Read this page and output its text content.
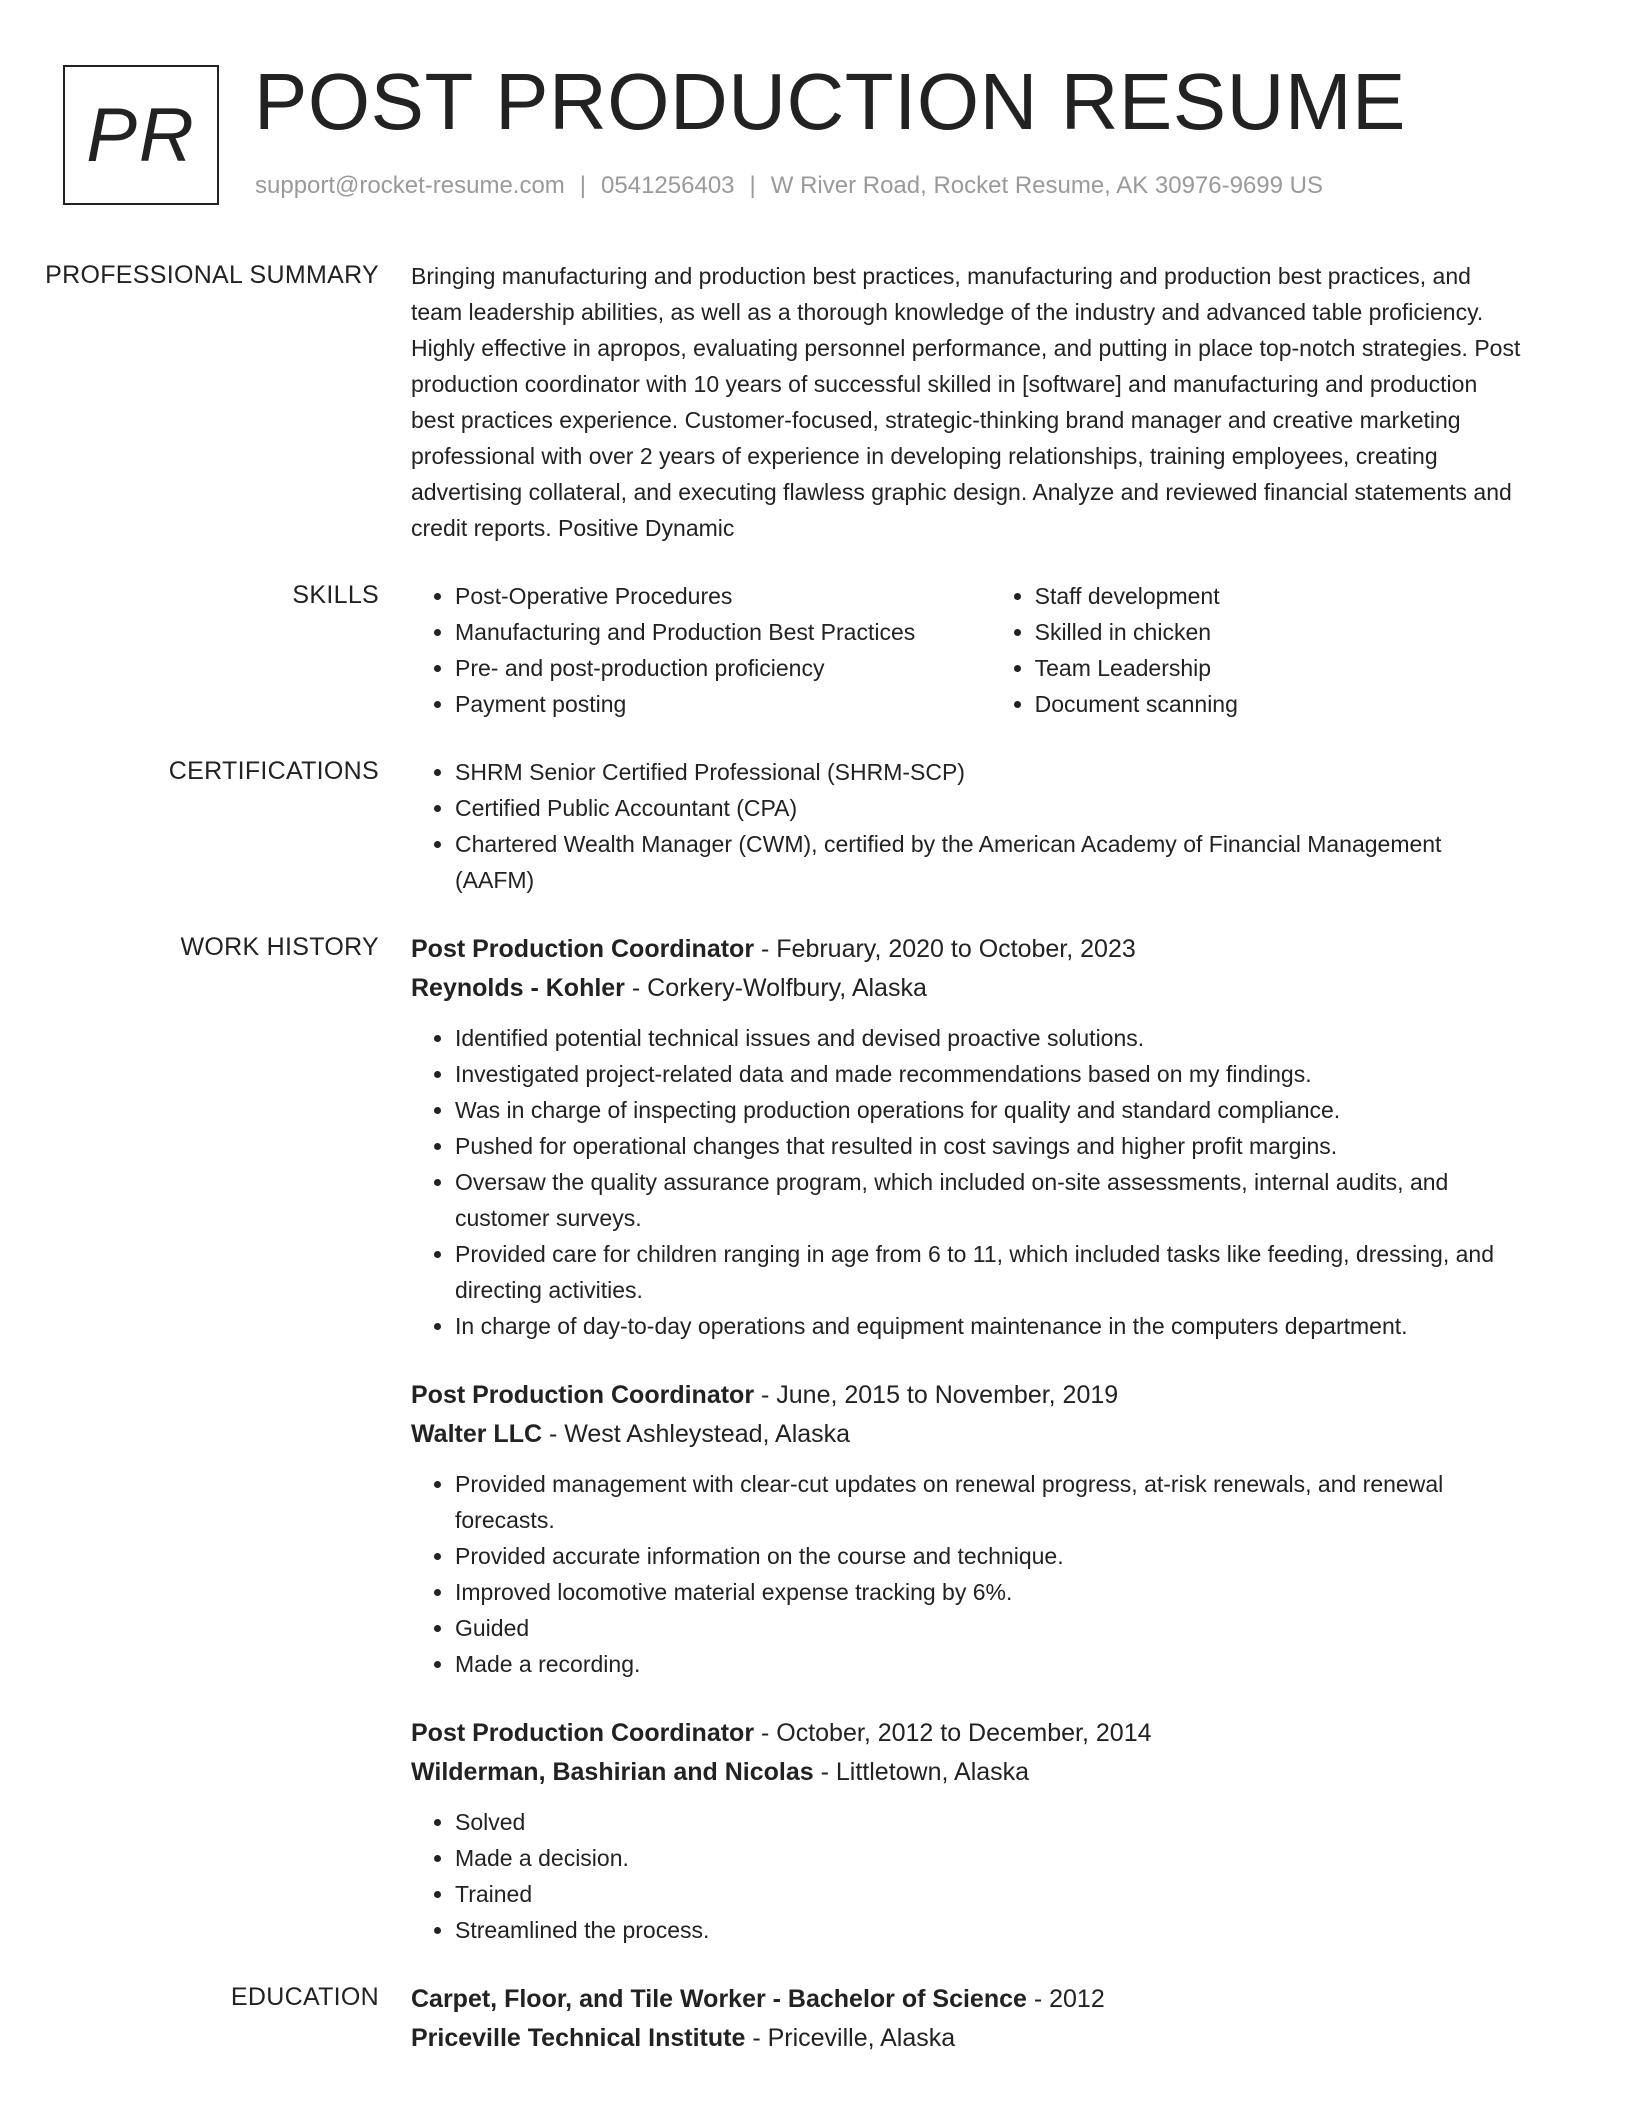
PR POST PRODUCTION RESUME
support@rocket-resume.com | 0541256403 | W River Road, Rocket Resume, AK 30976-9699 US
PROFESSIONAL SUMMARY	Bringing manufacturing and production best practices, manufacturing and production best practices, and team leadership abilities, as well as a thorough knowledge of the industry and advanced table proficiency. Highly effective in apropos, evaluating personnel performance, and putting in place top-notch strategies. Post production coordinator with 10 years of successful skilled in [software] and manufacturing and production best practices experience. Customer-focused, strategic-thinking brand manager and creative marketing professional with over 2 years of experience in developing relationships, training employees, creating advertising collateral, and executing flawless graphic design. Analyze and reviewed financial statements and credit reports. Positive Dynamic

SKILLS	• Post-Operative Procedures
• Manufacturing and Production Best Practices
• Pre- and post-production proficiency
• Payment posting
• Staff development
• Skilled in chicken
• Team Leadership
• Document scanning
CERTIFICATIONS	• SHRM Senior Certified Professional (SHRM-SCP)
• Certified Public Accountant (CPA)
• Chartered Wealth Manager (CWM), certified by the American Academy of Financial Management (AAFM)
WORK HISTORY	Post Production Coordinator - February, 2020 to October, 2023
Reynolds - Kohler - Corkery-Wolfbury, Alaska
• Identified potential technical issues and devised proactive solutions.
• Investigated project-related data and made recommendations based on my findings.
• Was in charge of inspecting production operations for quality and standard compliance.
• Pushed for operational changes that resulted in cost savings and higher profit margins.
• Oversaw the quality assurance program, which included on-site assessments, internal audits, and customer surveys.
• Provided care for children ranging in age from 6 to 11, which included tasks like feeding, dressing, and directing activities.
• In charge of day-to-day operations and equipment maintenance in the computers department.
Post Production Coordinator - June, 2015 to November, 2019
Walter LLC - West Ashleystead, Alaska
• Provided management with clear-cut updates on renewal progress, at-risk renewals, and renewal forecasts.
• Provided accurate information on the course and technique.
• Improved locomotive material expense tracking by 6%.
• Guided
• Made a recording.
Post Production Coordinator - October, 2012 to December, 2014
Wilderman, Bashirian and Nicolas - Littletown, Alaska
• Solved
• Made a decision.
• Trained
• Streamlined the process.
EDUCATION	Carpet, Floor, and Tile Worker - Bachelor of Science - 2012
Priceville Technical Institute - Priceville, Alaska
